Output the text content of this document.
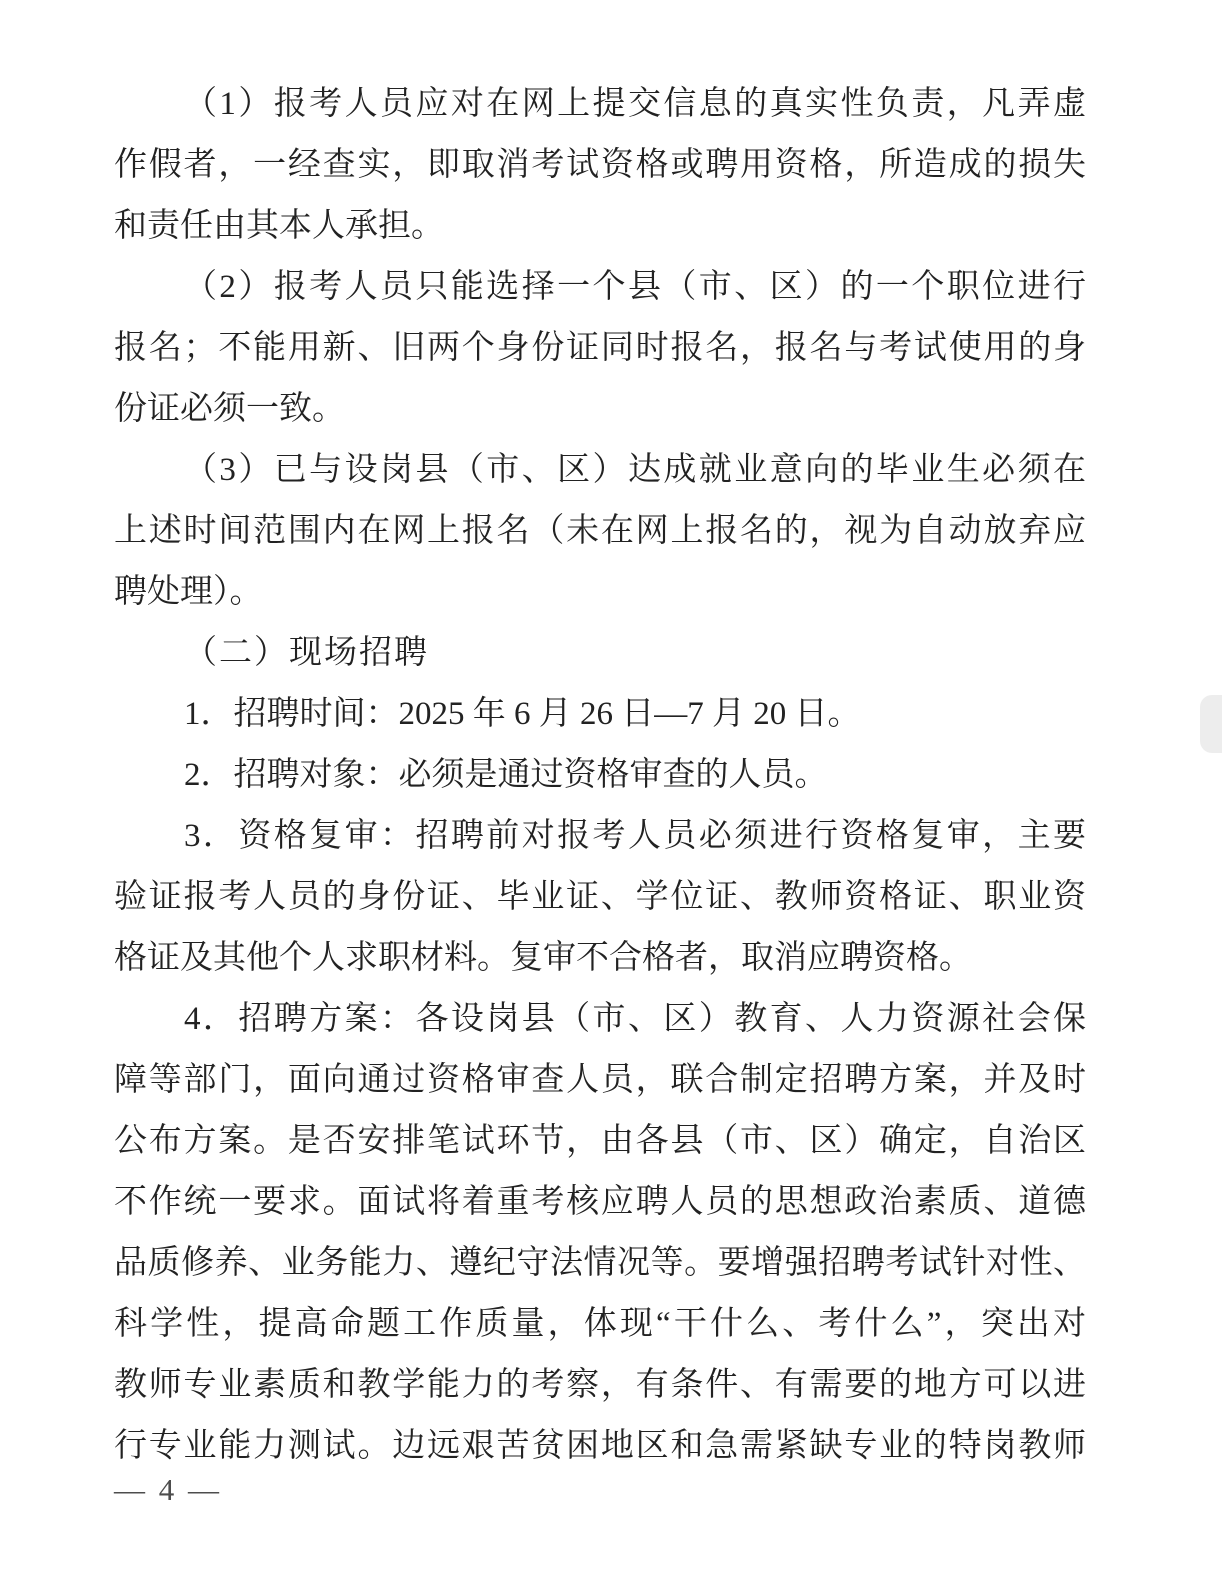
（1）报考人员应对在网上提交信息的真实性负责，凡弄虚
作假者，一经查实，即取消考试资格或聘用资格，所造成的损失
和责任由其本人承担。
（2）报考人员只能选择一个县（市、区）的一个职位进行
报名；不能用新、旧两个身份证同时报名，报名与考试使用的身
份证必须一致。
（3）已与设岗县（市、区）达成就业意向的毕业生必须在
上述时间范围内在网上报名（未在网上报名的，视为自动放弃应
聘处理）。
（二）现场招聘
1．招聘时间：2025 年 6 月 26 日—7 月 20 日。
2．招聘对象：必须是通过资格审查的人员。
3．资格复审：招聘前对报考人员必须进行资格复审，主要
验证报考人员的身份证、毕业证、学位证、教师资格证、职业资
格证及其他个人求职材料。复审不合格者，取消应聘资格。
4．招聘方案：各设岗县（市、区）教育、人力资源社会保
障等部门，面向通过资格审查人员，联合制定招聘方案，并及时
公布方案。是否安排笔试环节，由各县（市、区）确定，自治区
不作统一要求。面试将着重考核应聘人员的思想政治素质、道德
品质修养、业务能力、遵纪守法情况等。要增强招聘考试针对性、
科学性，提高命题工作质量，体现“干什么、考什么”，突出对
教师专业素质和教学能力的考察，有条件、有需要的地方可以进
行专业能力测试。边远艰苦贫困地区和急需紧缺专业的特岗教师
— 4 —
